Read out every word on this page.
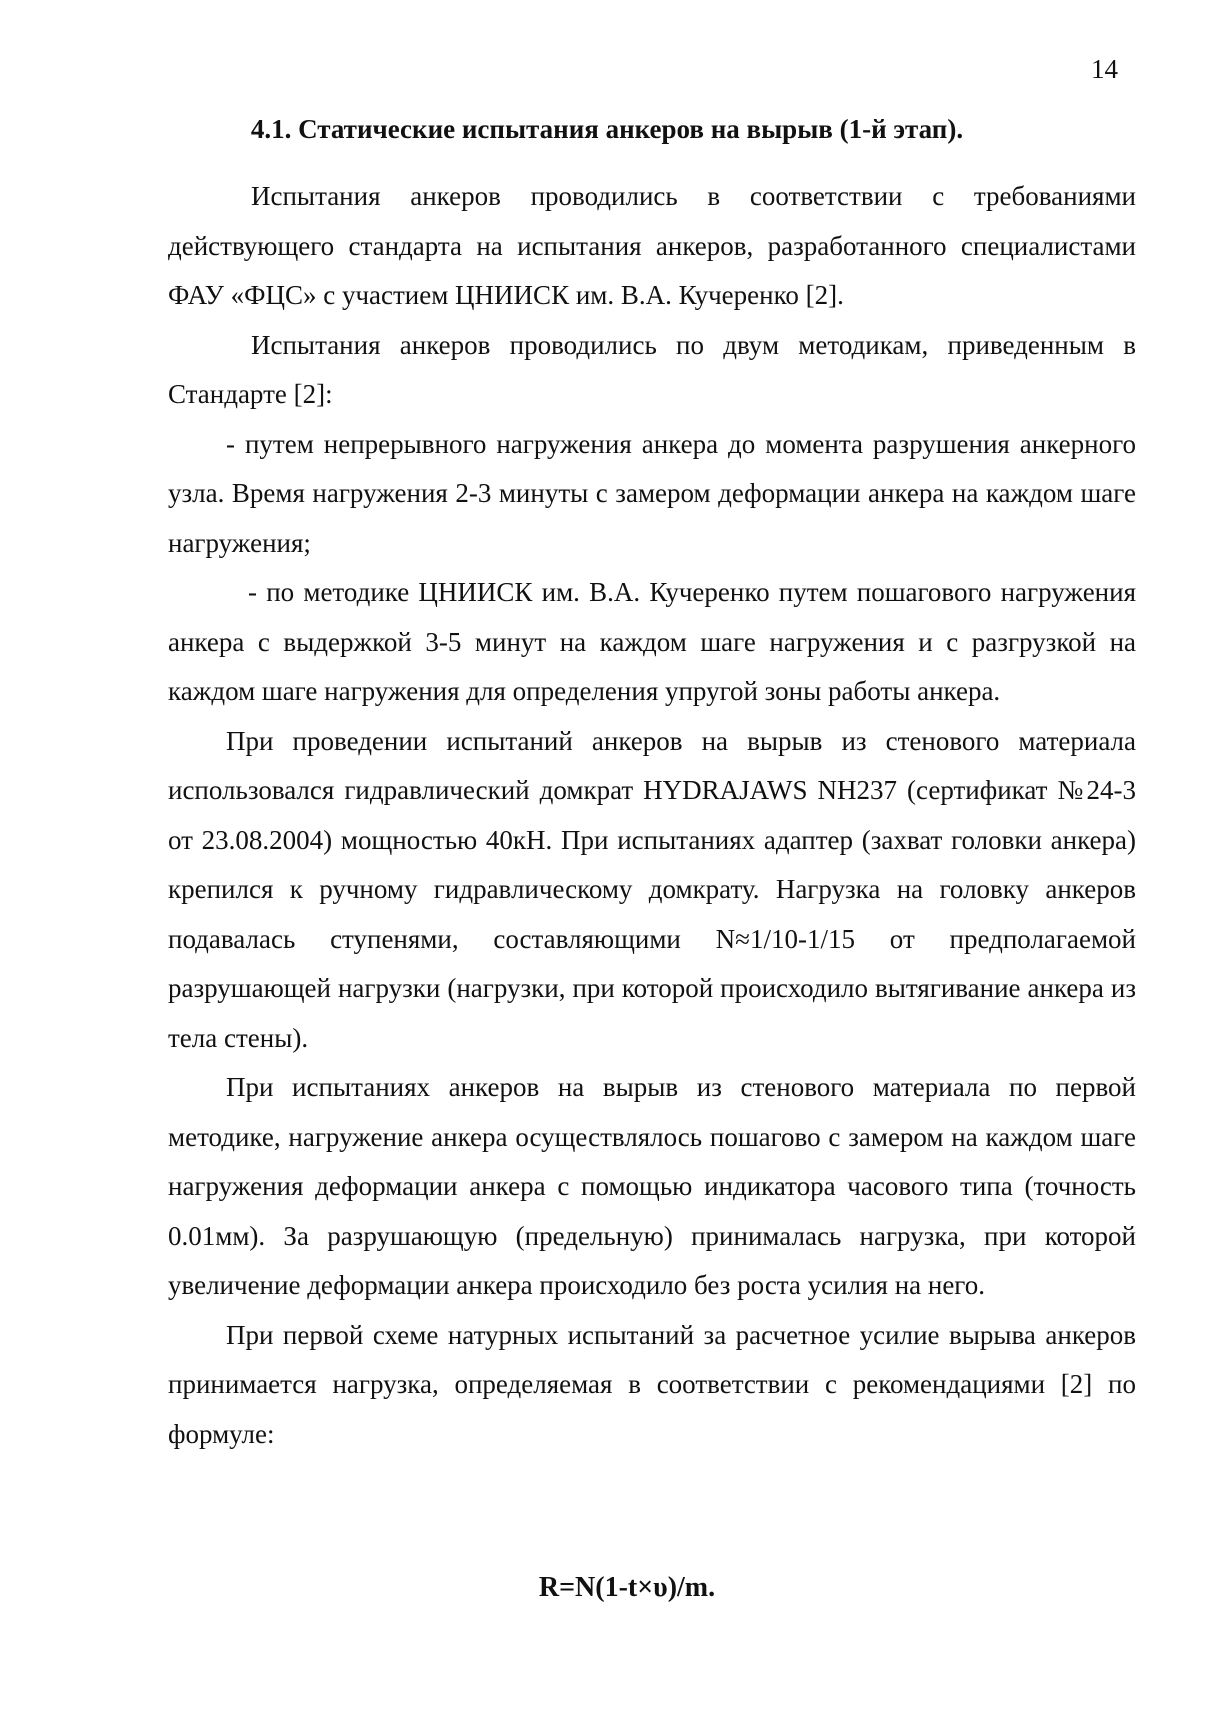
14
4.1. Статические испытания анкеров на вырыв (1-й этап).

Испытания анкеров проводились в соответствии с требованиями действующего стандарта на испытания анкеров, разработанного специалистами ФАУ «ФЦС» с участием ЦНИИСК им. В.А. Кучеренко [2].

Испытания анкеров проводились по двум методикам, приведенным в Стандарте [2]:

- путем непрерывного нагружения анкера до момента разрушения анкерного узла. Время нагружения 2-3 минуты с замером деформации анкера на каждом шаге нагружения;

- по методике ЦНИИСК им. В.А. Кучеренко путем пошагового нагружения анкера с выдержкой 3-5 минут на каждом шаге нагружения и с разгрузкой на каждом шаге нагружения для определения упругой зоны работы анкера.

При проведении испытаний анкеров на вырыв из стенового материала использовался гидравлический домкрат HYDRAJAWS NH237 (сертификат №24-3 от 23.08.2004) мощностью 40кН. При испытаниях адаптер (захват головки анкера) крепился к ручному гидравлическому домкрату. Нагрузка на головку анкеров подавалась ступенями, составляющими N≈1/10-1/15 от предполагаемой разрушающей нагрузки (нагрузки, при которой происходило вытягивание анкера из тела стены).

При испытаниях анкеров на вырыв из стенового материала по первой методике, нагружение анкера осуществлялось пошагово с замером на каждом шаге нагружения деформации анкера с помощью индикатора часового типа (точность 0.01мм). За разрушающую (предельную) принималась нагрузка, при которой увеличение деформации анкера происходило без роста усилия на него.

При первой схеме натурных испытаний за расчетное усилие вырыва анкеров принимается нагрузка, определяемая в соответствии с рекомендациями [2] по формуле:

R=N(1-t×υ)/m.
